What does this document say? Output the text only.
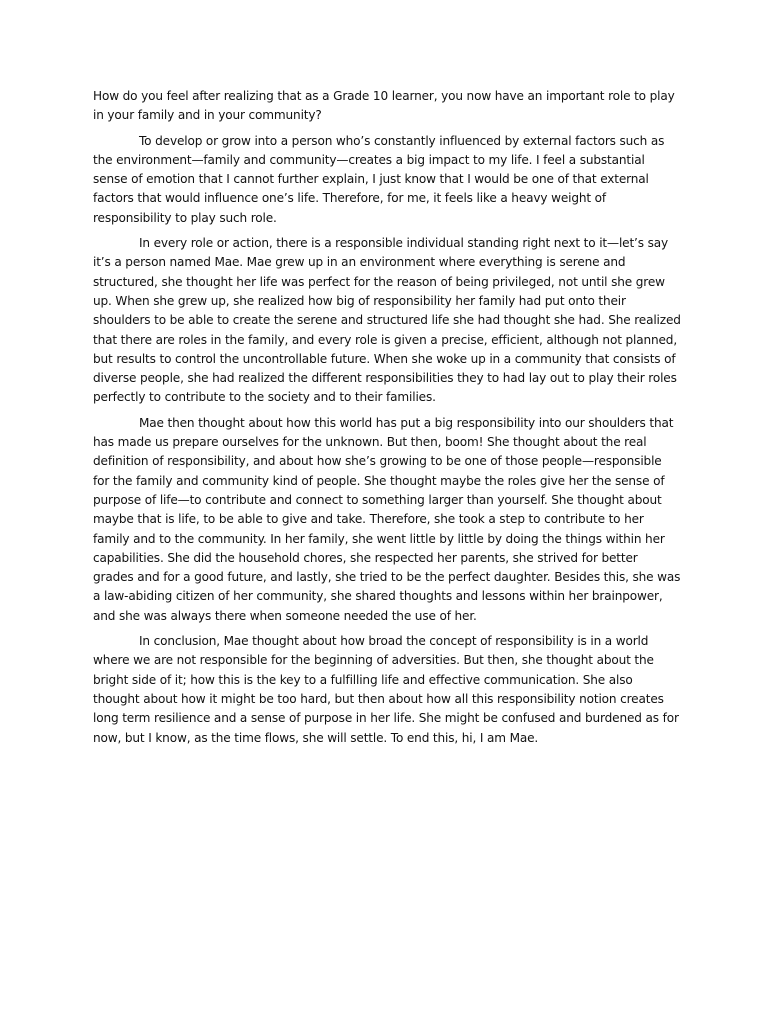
How do you feel after realizing that as a Grade 10 learner, you now have an important role to play in your family and in your community?

To develop or grow into a person who’s constantly influenced by external factors such as the environment—family and community—creates a big impact to my life. I feel a substantial sense of emotion that I cannot further explain, I just know that I would be one of that external factors that would influence one’s life. Therefore, for me, it feels like a heavy weight of responsibility to play such role.

In every role or action, there is a responsible individual standing right next to it—let’s say it’s a person named Mae. Mae grew up in an environment where everything is serene and structured, she thought her life was perfect for the reason of being privileged, not until she grew up. When she grew up, she realized how big of responsibility her family had put onto their shoulders to be able to create the serene and structured life she had thought she had. She realized that there are roles in the family, and every role is given a precise, efficient, although not planned, but results to control the uncontrollable future. When she woke up in a community that consists of diverse people, she had realized the different responsibilities they to had lay out to play their roles perfectly to contribute to the society and to their families.

Mae then thought about how this world has put a big responsibility into our shoulders that has made us prepare ourselves for the unknown. But then, boom! She thought about the real definition of responsibility, and about how she’s growing to be one of those people—responsible for the family and community kind of people. She thought maybe the roles give her the sense of purpose of life—to contribute and connect to something larger than yourself. She thought about maybe that is life, to be able to give and take. Therefore, she took a step to contribute to her family and to the community. In her family, she went little by little by doing the things within her capabilities. She did the household chores, she respected her parents, she strived for better grades and for a good future, and lastly, she tried to be the perfect daughter. Besides this, she was a law-abiding citizen of her community, she shared thoughts and lessons within her brainpower, and she was always there when someone needed the use of her.

In conclusion, Mae thought about how broad the concept of responsibility is in a world where we are not responsible for the beginning of adversities. But then, she thought about the bright side of it; how this is the key to a fulfilling life and effective communication. She also thought about how it might be too hard, but then about how all this responsibility notion creates long term resilience and a sense of purpose in her life. She might be confused and burdened as for now, but I know, as the time flows, she will settle. To end this, hi, I am Mae.
